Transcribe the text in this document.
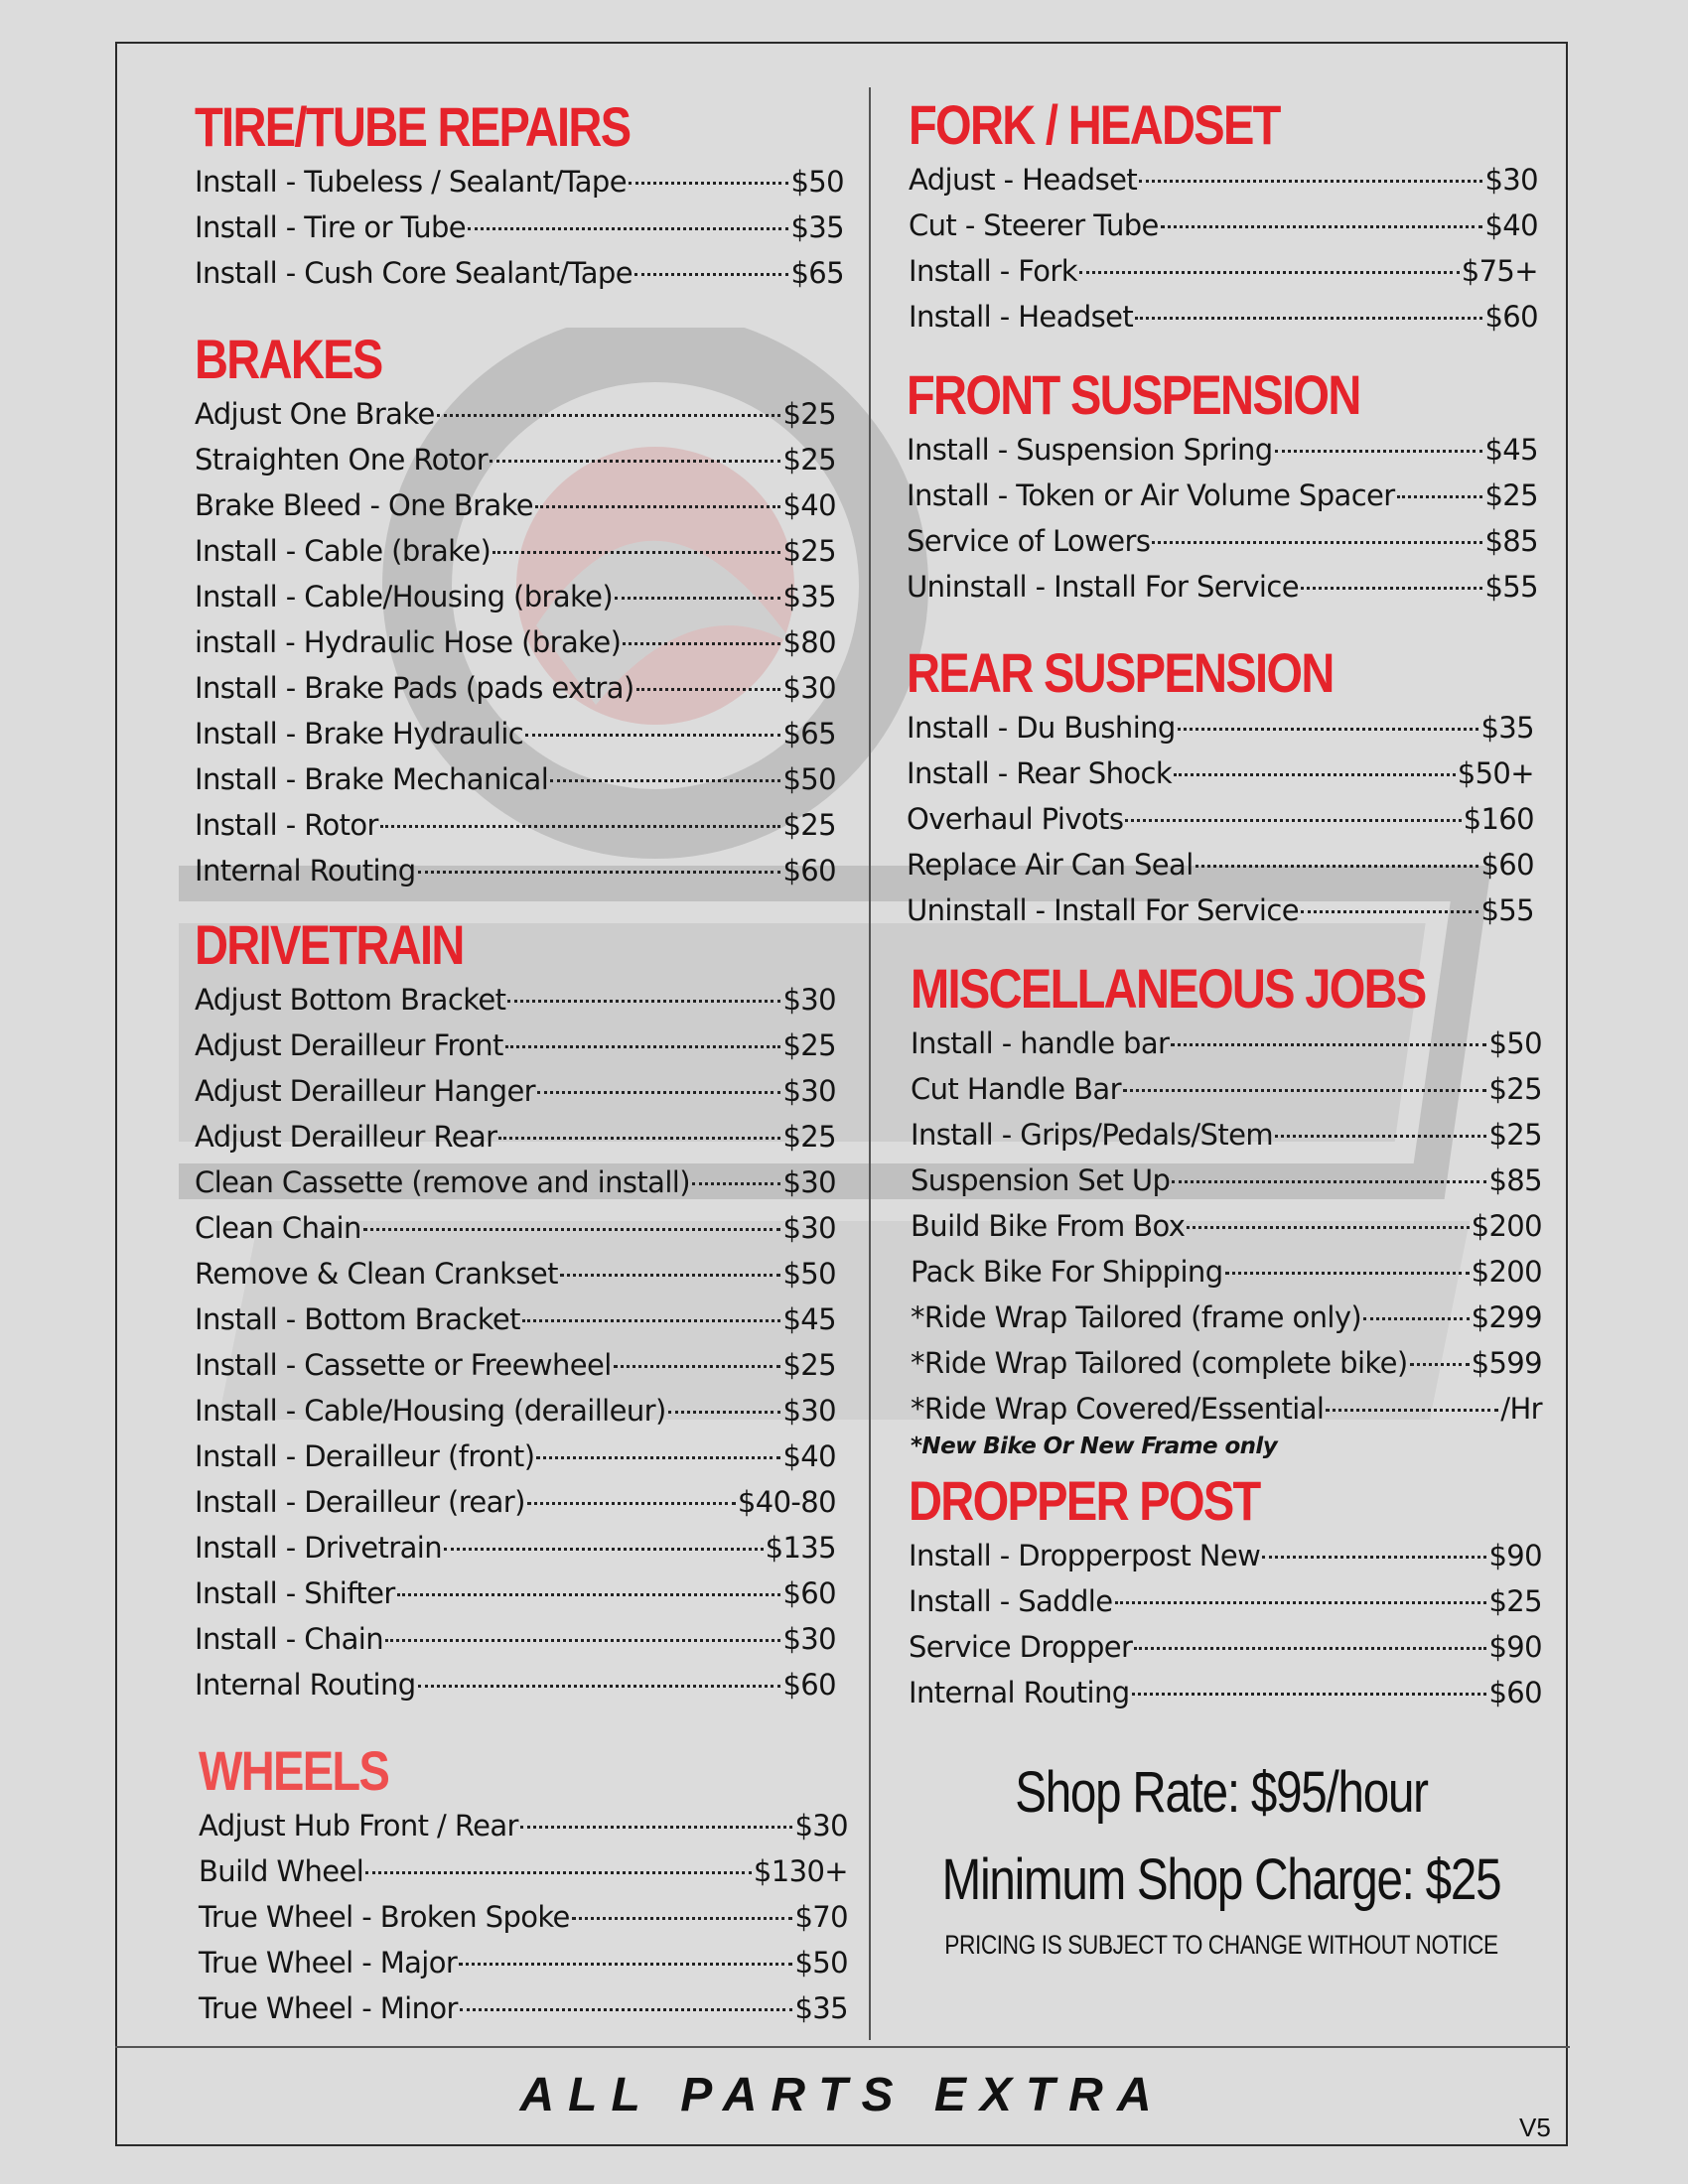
TIRE/TUBE REPAIRS
Install - Tubeless / Sealant/Tape	$50
Install - Tire or Tube	$35
Install - Cush Core Sealant/Tape	$65
BRAKES
Adjust One Brake	$25
Straighten One Rotor	$25
Brake Bleed - One Brake	$40
Install - Cable (brake)	$25
Install - Cable/Housing (brake)	$35
install - Hydraulic Hose (brake)	$80
Install - Brake Pads (pads extra)	$30
Install - Brake Hydraulic	$65
Install - Brake Mechanical	$50
Install - Rotor	$25
Internal Routing	$60
DRIVETRAIN
Adjust Bottom Bracket	$30
Adjust Derailleur Front	$25
Adjust Derailleur Hanger	$30
Adjust Derailleur Rear	$25
Clean Cassette (remove and install)	$30
Clean Chain	$30
Remove & Clean Crankset	$50
Install - Bottom Bracket	$45
Install - Cassette or Freewheel	$25
Install - Cable/Housing (derailleur)	$30
Install - Derailleur (front)	$40
Install - Derailleur (rear)	$40-80
Install - Drivetrain	$135
Install - Shifter	$60
Install - Chain	$30
Internal Routing	$60
WHEELS
Adjust Hub Front / Rear	$30
Build Wheel	$130+
True Wheel - Broken Spoke	$70
True Wheel - Major	$50
True Wheel - Minor	$35
FORK / HEADSET
Adjust - Headset	$30
Cut - Steerer Tube	$40
Install - Fork	$75+
Install - Headset	$60
FRONT SUSPENSION
Install - Suspension Spring	$45
Install - Token or Air Volume Spacer	$25
Service of Lowers	$85
Uninstall - Install For Service	$55
REAR SUSPENSION
Install - Du Bushing	$35
Install - Rear Shock	$50+
Overhaul Pivots	$160
Replace Air Can Seal	$60
Uninstall - Install For Service	$55
MISCELLANEOUS JOBS
Install - handle bar	$50
Cut Handle Bar	$25
Install - Grips/Pedals/Stem	$25
Suspension Set Up	$85
Build Bike From Box	$200
Pack Bike For Shipping	$200
*Ride Wrap Tailored (frame only)	$299
*Ride Wrap Tailored (complete bike) $599
*Ride Wrap Covered/Essential	/Hr
*New Bike Or New Frame only
DROPPER POST
Install - Dropperpost New	$90
Install - Saddle	$25
Service Dropper	$90
Internal Routing	$60
Shop Rate: $95/hour
Minimum Shop Charge: $25
PRICING IS SUBJECT TO CHANGE WITHOUT NOTICE
ALL PARTS EXTRA
V5
